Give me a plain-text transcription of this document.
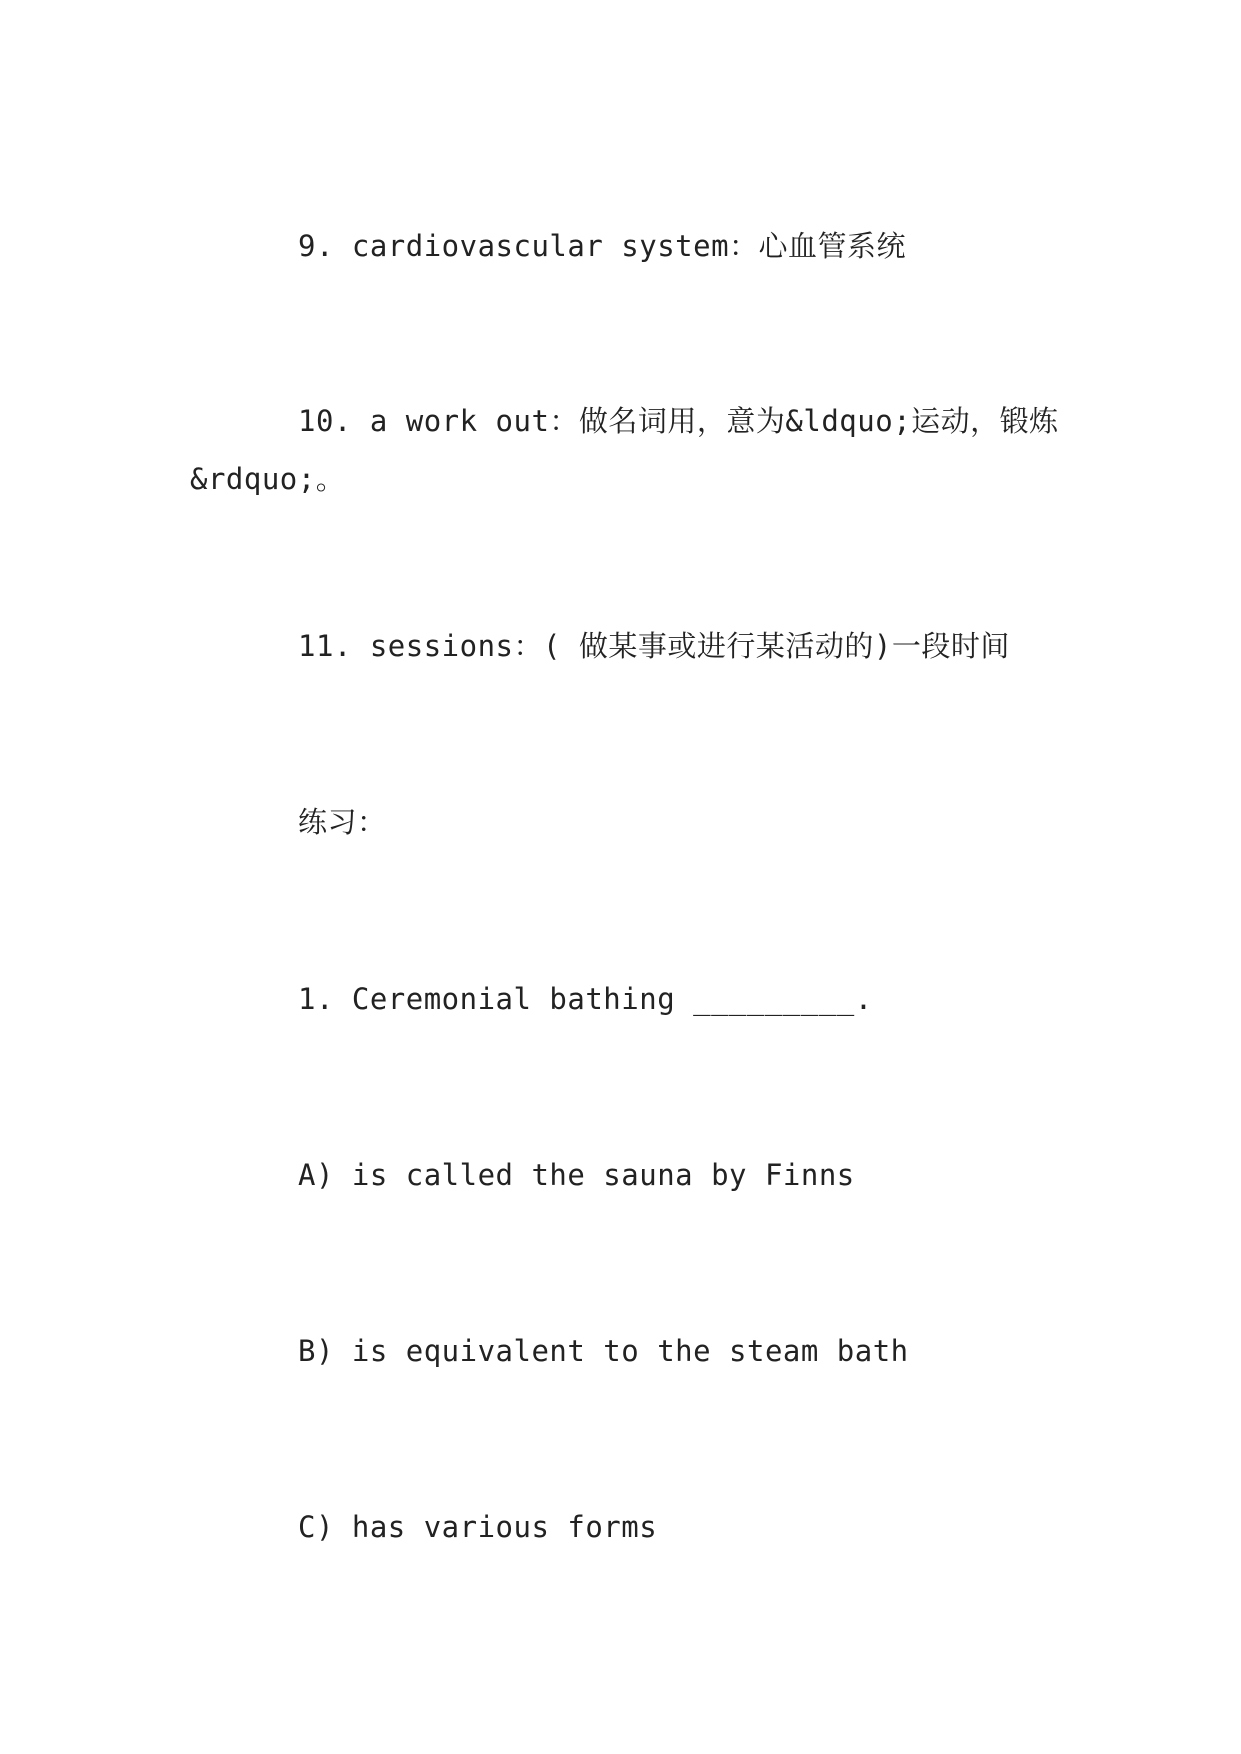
9. cardiovascular system：心血管系统

10. a work out：做名词用，意为&ldquo;运动，锻炼&rdquo;。

11. sessions：( 做某事或进行某活动的)一段时间

练习：

1. Ceremonial bathing _________.

A) is called the sauna by Finns

B) is equivalent to the steam bath

C) has various forms
